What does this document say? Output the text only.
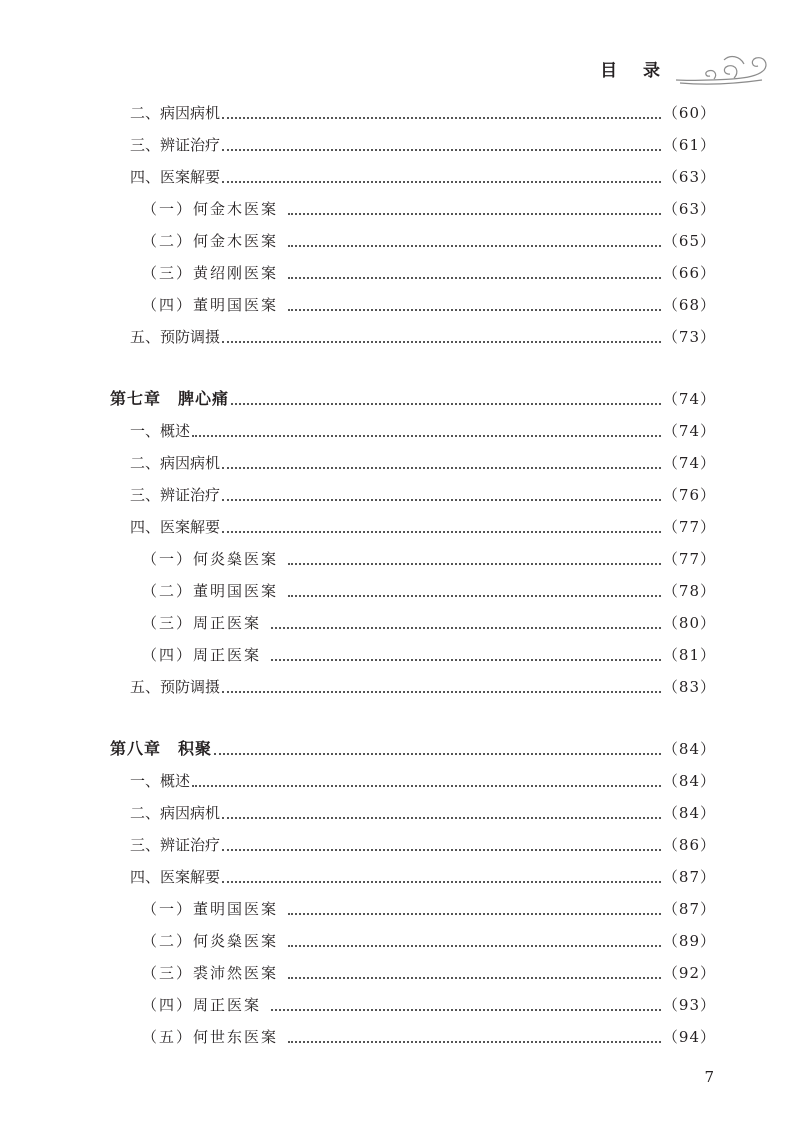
目 录
二、病因病机	（60）
三、辨证治疗	（61）
四、医案解要	（63）
（一）何金木医案	（63）
（二）何金木医案	（65）
（三）黄绍刚医案	（66）
（四）董明国医案	（68）
五、预防调摄	（73）
第七章　脾心痛	（74）
一、概述	（74）
二、病因病机	（74）
三、辨证治疗	（76）
四、医案解要	（77）
（一）何炎燊医案	（77）
（二）董明国医案	（78）
（三）周正医案	（80）
（四）周正医案	（81）
五、预防调摄	（83）
第八章　积聚	（84）
一、概述	（84）
二、病因病机	（84）
三、辨证治疗	（86）
四、医案解要	（87）
（一）董明国医案	（87）
（二）何炎燊医案	（89）
（三）裘沛然医案	（92）
（四）周正医案	（93）
（五）何世东医案	（94）
7
